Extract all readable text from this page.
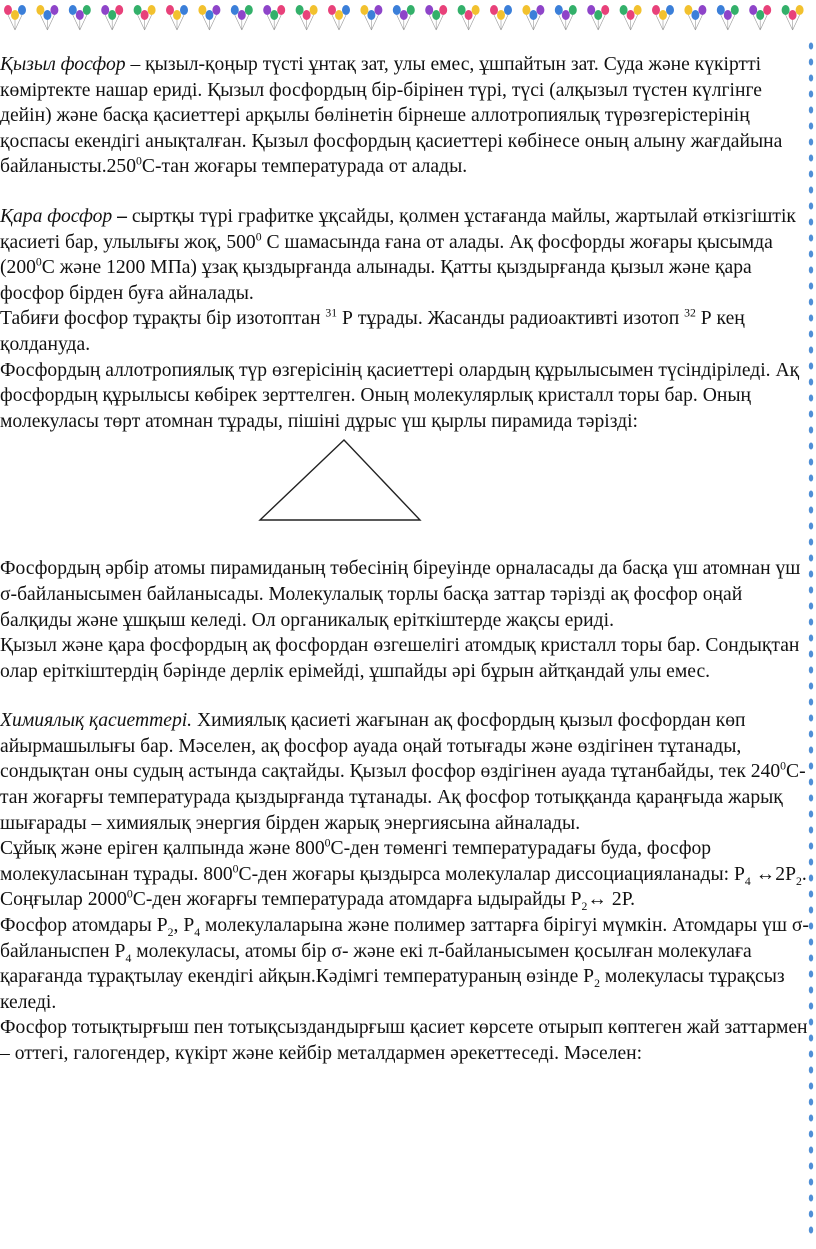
Қызыл фосфор – қызыл-қоңыр түсті ұнтақ зат, улы емес, ұшпайтын зат. Суда және күкіртті көміртекте нашар ериді. Қызыл фосфордың бір-бірінен түрі, түсі (алқызыл түстен күлгінге дейін) және басқа қасиеттері арқылы бөлінетін бірнеше аллотропиялық түрөзгерістерінің қоспасы екендігі анықталған. Қызыл фосфордың қасиеттері көбінесе оның алыну жағдайына байланысты.250$^0$С-тан жоғары температурада от алады.

Қара фосфор – сыртқы түрі графитке ұқсайды, қолмен ұстағанда майлы, жартылай өткізгіштік қасиеті бар, улылығы жоқ, $500^0$ С шамасында ғана от алады. Ақ фосфорды жоғары қысымда ($200^0С$ және 1200 МПа) ұзақ қыздырғанда алынады. Қатты қыздырғанда қызыл және қара фосфор бірден буға айналады.

Табиғи фосфор тұрақты бір изотоптан $^{31}$ Р тұрады. Жасанды радиоактивті изотоп $^{32}$ Р кең қолдануда.

Фосфордың аллотропиялық түр өзгерісінің қасиеттері олардың құрылысымен түсіндіріледі. Ақ фосфордың құрылысы көбірек зерттелген. Оның молекулярлық кристалл торы бар. Оның молекуласы төрт атомнан тұрады, пішіні дұрыс үш қырлы пирамида тәрізді:

Фосфордың әрбір атомы пирамиданың төбесінің біреуінде орналасады да басқа үш атомнан үш σ-байланысымен байланысады. Молекулалық торлы басқа заттар тәрізді ақ фосфор оңай балқиды және ұшқыш келеді. Ол органикалық еріткіштерде жақсы ериді.

Қызыл және қара фосфордың ақ фосфордан өзгешелігі атомдық кристалл торы бар. Сондықтан олар еріткіштердің бәрінде дерлік ерімейді, ұшпайды әрі бұрын айтқандай улы емес.

Химиялық қасиеттері. Химиялық қасиеті жағынан ақ фосфордың қызыл фосфордан көп айырмашылығы бар. Мәселен, ақ фосфор ауада оңай тотығады және өздігінен тұтанады, сондықтан оны судың астында сақтайды. Қызыл фосфор өздігінен ауада тұтанбайды, тек $240^0С$-тан жоғарғы температурада қыздырғанда тұтанады. Ақ фосфор тотыққанда қараңғыда жарық шығарады – химиялық энергия бірден жарық энергиясына айналады.

Сұйық және еріген қалпында және $800^0С$-ден төменгі температурадағы буда, фосфор молекуласынан тұрады. $800^0С$-ден жоғары қыздырса молекулалар диссоциацияланады: $Р_4$ $\leftrightarrow 2Р_2$.

Соңғылар 2000$^0$С-ден жоғарғы температурада атомдарға ыдырайды $Р_2\leftrightarrow$ 2Р.

Фосфор атомдары $Р_2$, $Р_4$ молекулаларына және полимер заттарға бірігуі мүмкін. Атомдары үш σ- байланыспен $Р_4$ молекуласы, атомы бір σ- және екі π-байланысымен қосылған молекулаға қарағанда тұрақтылау екендігі айқын.Кәдімгі температураның өзінде $Р_2$ молекуласы тұрақсыз келеді.

Фосфор тотықтырғыш пен тотықсыздандырғыш қасиет көрсете отырып көптеген жай заттармен – оттегі, галогендер, күкірт және кейбір металдармен әрекеттеседі. Мәселен:
